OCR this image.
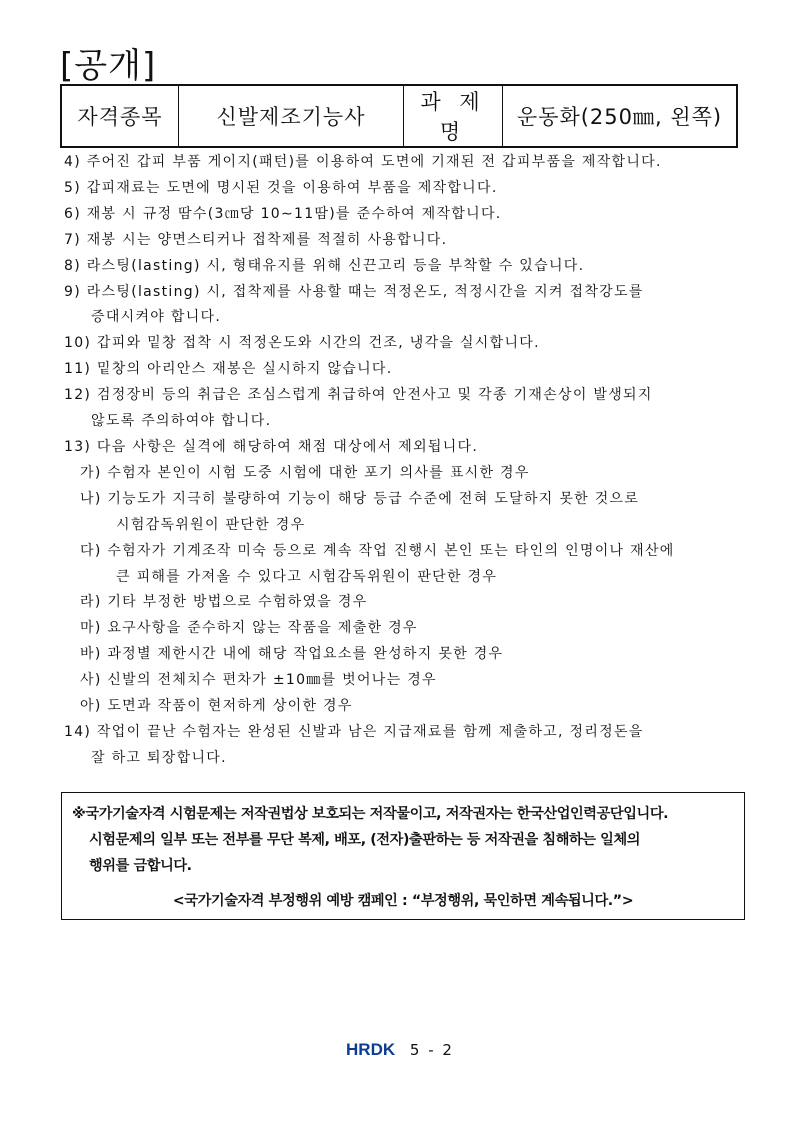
[공개]
자격종목	신발제조기능사	과 제 명	운동화(250㎜, 왼쪽)
4) 주어진 갑피 부품 게이지(패턴)를 이용하여 도면에 기재된 전 갑피부품을 제작합니다.
5) 갑피재료는 도면에 명시된 것을 이용하여 부품을 제작합니다.
6) 재봉 시 규정 땀수(3㎝당 10∼11땀)를 준수하여 제작합니다.
7) 재봉 시는 양면스티커나 접착제를 적절히 사용합니다.
8) 라스팅(lasting) 시, 형태유지를 위해 신끈고리 등을 부착할 수 있습니다.
9) 라스팅(lasting) 시, 접착제를 사용할 때는 적정온도, 적정시간을 지켜 접착강도를
증대시켜야 합니다.
10) 갑피와 밑창 접착 시 적정온도와 시간의 건조, 냉각을 실시합니다.
11) 밑창의 아리안스 재봉은 실시하지 않습니다.
12) 검정장비 등의 취급은 조심스럽게 취급하여 안전사고 및 각종 기재손상이 발생되지
않도록 주의하여야 합니다.
13) 다음 사항은 실격에 해당하여 채점 대상에서 제외됩니다.
가) 수험자 본인이 시험 도중 시험에 대한 포기 의사를 표시한 경우
나) 기능도가 지극히 불량하여 기능이 해당 등급 수준에 전혀 도달하지 못한 것으로
시험감독위원이 판단한 경우
다) 수험자가 기계조작 미숙 등으로 계속 작업 진행시 본인 또는 타인의 인명이나 재산에
큰 피해를 가져올 수 있다고 시험감독위원이 판단한 경우
라) 기타 부정한 방법으로 수험하였을 경우
마) 요구사항을 준수하지 않는 작품을 제출한 경우
바) 과정별 제한시간 내에 해당 작업요소를 완성하지 못한 경우
사) 신발의 전체치수 편차가 ±10㎜를 벗어나는 경우
아) 도면과 작품이 현저하게 상이한 경우
14) 작업이 끝난 수험자는 완성된 신발과 남은 지급재료를 함께 제출하고, 정리정돈을
잘 하고 퇴장합니다.
※국가기술자격 시험문제는 저작권법상 보호되는 저작물이고, 저작권자는 한국산업인력공단입니다.
시험문제의 일부 또는 전부를 무단 복제, 배포, (전자)출판하는 등 저작권을 침해하는 일체의
행위를 금합니다.
<국가기술자격 부정행위 예방 캠페인 : “부정행위, 묵인하면 계속됩니다.”>
HRDK 5 - 2
